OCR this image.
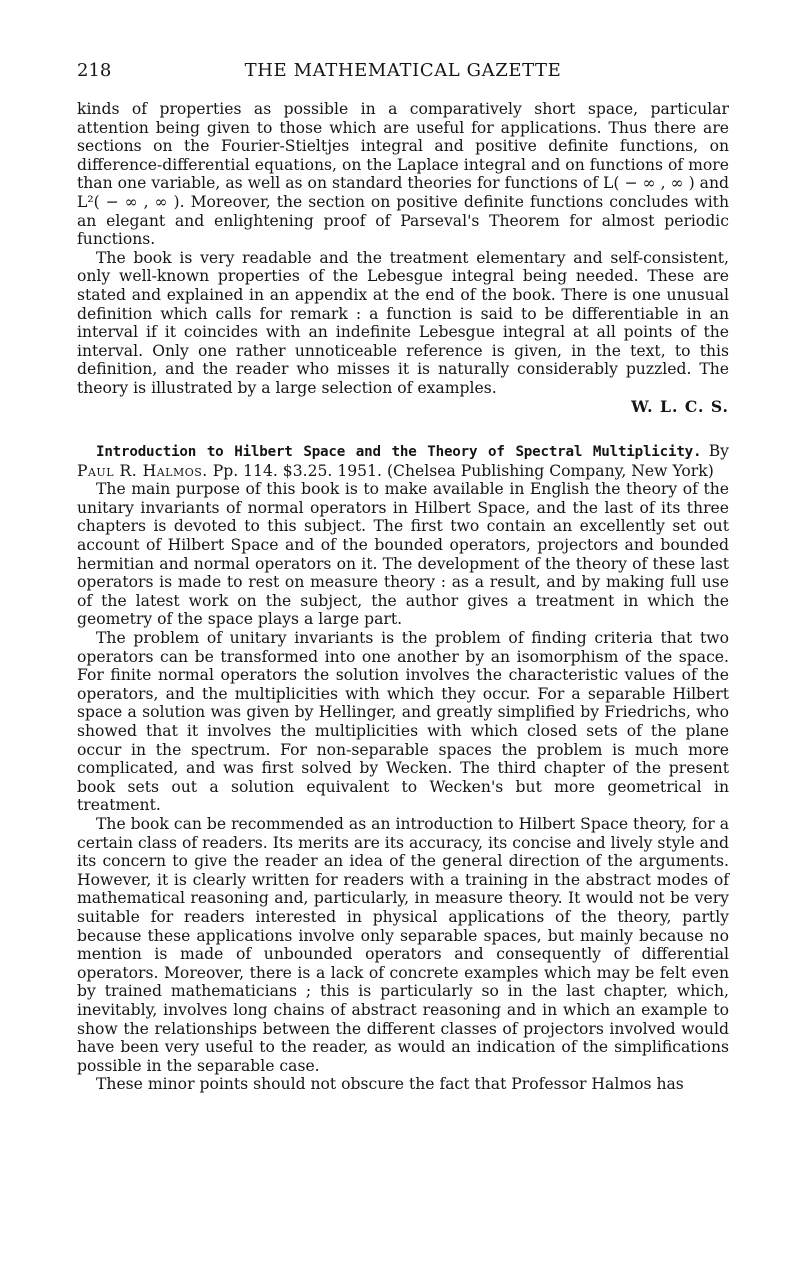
218	THE MATHEMATICAL GAZETTE

kinds of properties as possible in a comparatively short space, particular attention being given to those which are useful for applications. Thus there are sections on the Fourier-Stieltjes integral and positive definite functions, on difference-differential equations, on the Laplace integral and on functions of more than one variable, as well as on standard theories for functions of L( − ∞ , ∞ ) and L²( − ∞ , ∞ ). Moreover, the section on positive definite functions concludes with an elegant and enlightening proof of Parseval's Theorem for almost periodic functions.

The book is very readable and the treatment elementary and self-consistent, only well-known properties of the Lebesgue integral being needed. These are stated and explained in an appendix at the end of the book. There is one unusual definition which calls for remark : a function is said to be differentiable in an interval if it coincides with an indefinite Lebesgue integral at all points of the interval. Only one rather unnoticeable reference is given, in the text, to this definition, and the reader who misses it is naturally considerably puzzled. The theory is illustrated by a large selection of examples.

W. L. C. S.

Introduction to Hilbert Space and the Theory of Spectral Multiplicity. By Paul R. Halmos. Pp. 114. $3.25. 1951. (Chelsea Publishing Company, New York)

The main purpose of this book is to make available in English the theory of the unitary invariants of normal operators in Hilbert Space, and the last of its three chapters is devoted to this subject. The first two contain an excellently set out account of Hilbert Space and of the bounded operators, projectors and bounded hermitian and normal operators on it. The development of the theory of these last operators is made to rest on measure theory : as a result, and by making full use of the latest work on the subject, the author gives a treatment in which the geometry of the space plays a large part.

The problem of unitary invariants is the problem of finding criteria that two operators can be transformed into one another by an isomorphism of the space. For finite normal operators the solution involves the characteristic values of the operators, and the multiplicities with which they occur. For a separable Hilbert space a solution was given by Hellinger, and greatly simplified by Friedrichs, who showed that it involves the multiplicities with which closed sets of the plane occur in the spectrum. For non-separable spaces the problem is much more complicated, and was first solved by Wecken. The third chapter of the present book sets out a solution equivalent to Wecken's but more geometrical in treatment.

The book can be recommended as an introduction to Hilbert Space theory, for a certain class of readers. Its merits are its accuracy, its concise and lively style and its concern to give the reader an idea of the general direction of the arguments. However, it is clearly written for readers with a training in the abstract modes of mathematical reasoning and, particularly, in measure theory. It would not be very suitable for readers interested in physical applications of the theory, partly because these applications involve only separable spaces, but mainly because no mention is made of unbounded operators and consequently of differential operators. Moreover, there is a lack of concrete examples which may be felt even by trained mathematicians ; this is particularly so in the last chapter, which, inevitably, involves long chains of abstract reasoning and in which an example to show the relationships between the different classes of projectors involved would have been very useful to the reader, as would an indication of the simplifications possible in the separable case.

These minor points should not obscure the fact that Professor Halmos has
